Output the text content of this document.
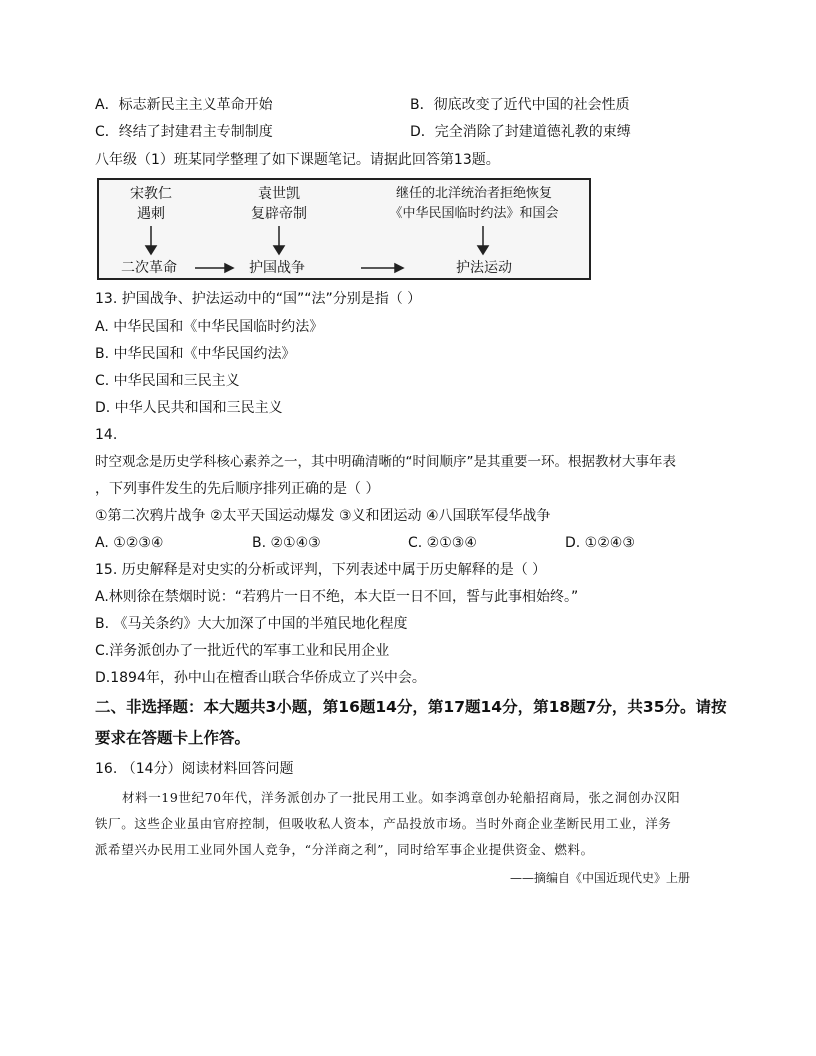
A．标志新民主主义革命开始	B．彻底改变了近代中国的社会性质
C．终结了封建君主专制制度	D．完全消除了封建道德礼教的束缚
八年级（1）班某同学整理了如下课题笔记。请据此回答第13题。
宋教仁
遇刺
袁世凯
复辟帝制
继任的北洋统治者拒绝恢复
《中华民国临时约法》和国会
二次革命	护国战争	护法运动
13. 护国战争、护法运动中的“国”“法”分别是指（ ）
A. 中华民国和《中华民国临时约法》
B. 中华民国和《中华民国约法》
C. 中华民国和三民主义
D. 中华人民共和国和三民主义
14.
时空观念是历史学科核心素养之一，其中明确清晰的“时间顺序”是其重要一环。根据教材大事年表
，下列事件发生的先后顺序排列正确的是（ ）
①第二次鸦片战争 ②太平天国运动爆发 ③义和团运动 ④八国联军侵华战争
A. ①②③④	B. ②①④③	C. ②①③④	D. ①②④③
15. 历史解释是对史实的分析或评判，下列表述中属于历史解释的是（ ）
A.林则徐在禁烟时说：“若鸦片一日不绝，本大臣一日不回，誓与此事相始终。”
B. 《马关条约》大大加深了中国的半殖民地化程度
C.洋务派创办了一批近代的军事工业和民用企业
D.1894年，孙中山在檀香山联合华侨成立了兴中会。
二、非选择题：本大题共3小题，第16题14分，第17题14分，第18题7分，共35分。请按
要求在答题卡上作答。
16. （14分）阅读材料回答问题
材料一19世纪70年代，洋务派创办了一批民用工业。如李鸿章创办轮船招商局，张之洞创办汉阳
铁厂。这些企业虽由官府控制，但吸收私人资本，产品投放市场。当时外商企业垄断民用工业，洋务
派希望兴办民用工业同外国人竞争，“分洋商之利”，同时给军事企业提供资金、燃料。
——摘编自《中国近现代史》上册
